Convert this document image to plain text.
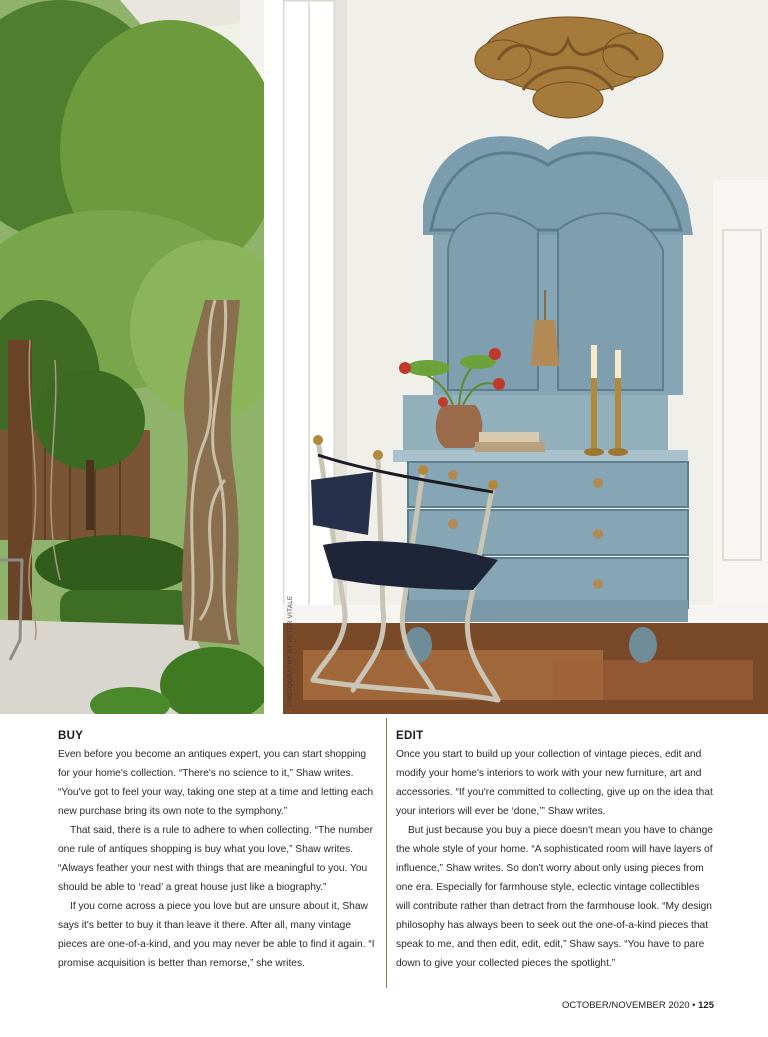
PHOTOGRAPHY BY PETER VITALE
BUY

Even before you become an antiques expert, you can start shopping for your home's collection. “There's no science to it,” Shaw writes. “You've got to feel your way, taking one step at a time and letting each new purchase bring its own note to the symphony.”

That said, there is a rule to adhere to when collecting. “The number one rule of antiques shopping is buy what you love,” Shaw writes. “Always feather your nest with things that are meaningful to you. You should be able to ‘read’ a great house just like a biography.”

If you come across a piece you love but are unsure about it, Shaw says it's better to buy it than leave it there. After all, many vintage pieces are one-of-a-kind, and you may never be able to find it again. “I promise acquisition is better than remorse,” she writes.

EDIT

Once you start to build up your collection of vintage pieces, edit and modify your home's interiors to work with your new furniture, art and accessories. “If you're committed to collecting, give up on the idea that your interiors will ever be ‘done,’” Shaw writes.

But just because you buy a piece doesn't mean you have to change the whole style of your home. “A sophisticated room will have layers of influence,” Shaw writes. So don't worry about only using pieces from one era. Especially for farmhouse style, eclectic vintage collectibles will contribute rather than detract from the farmhouse look. “My design philosophy has always been to seek out the one-of-a-kind pieces that speak to me, and then edit, edit, edit,” Shaw says. “You have to pare down to give your collected pieces the spotlight.”

OCTOBER/NOVEMBER 2020 • 125
